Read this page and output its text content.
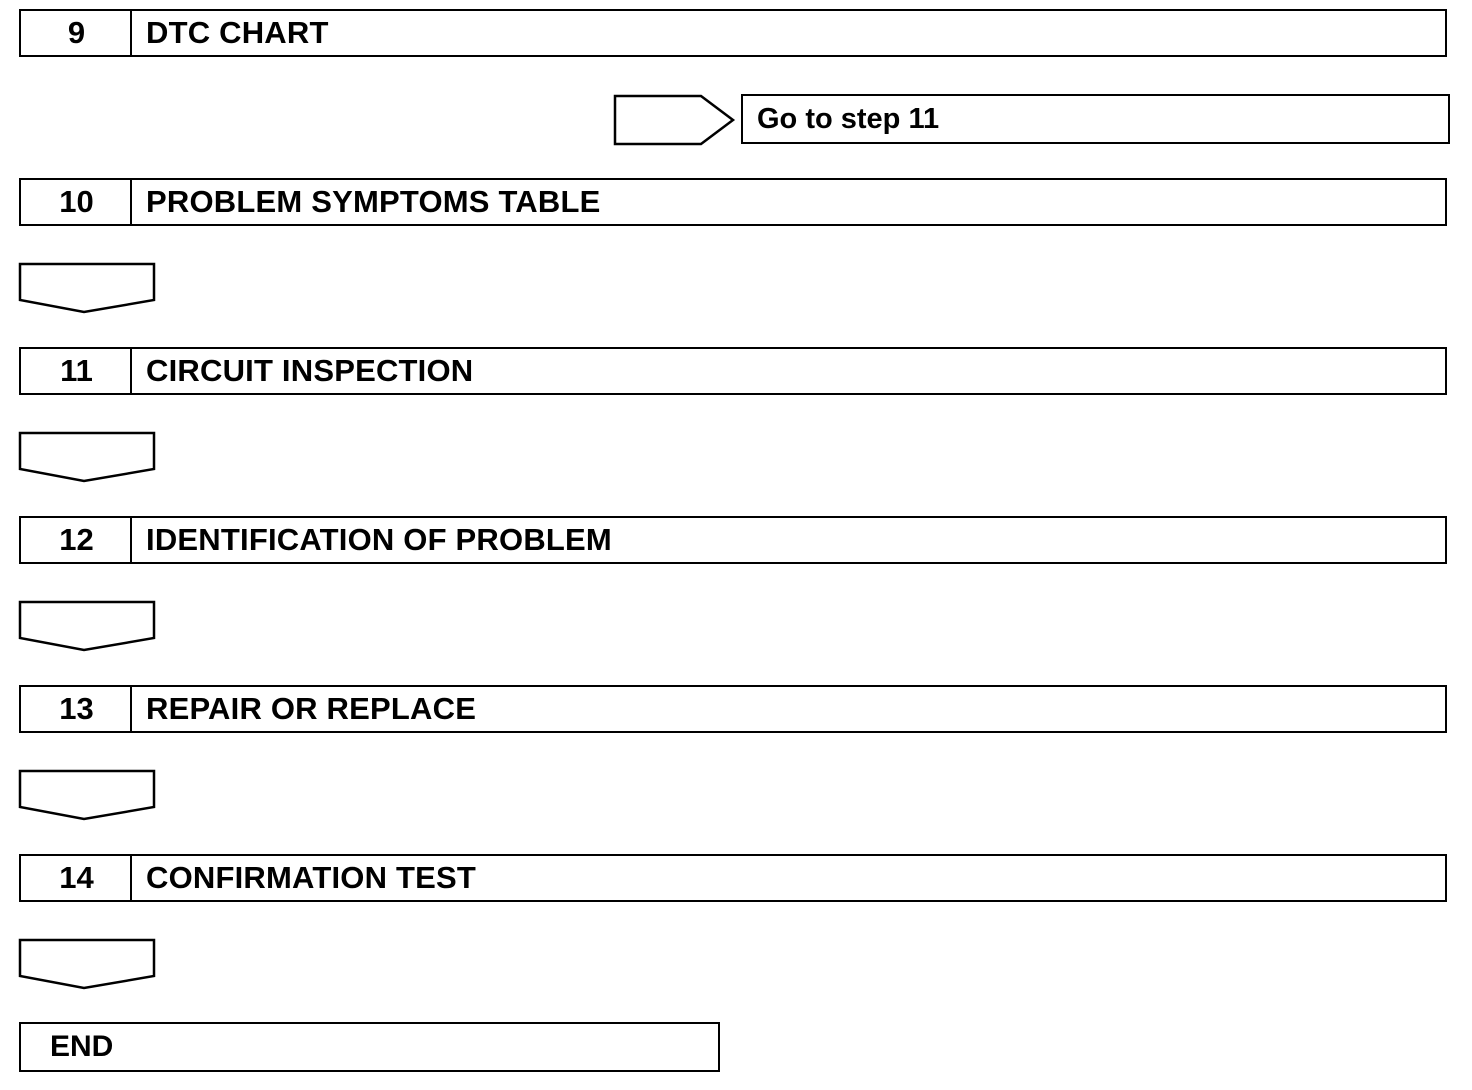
9	DTC CHART
Go to step 11
10	PROBLEM SYMPTOMS TABLE
11	CIRCUIT INSPECTION
12	IDENTIFICATION OF PROBLEM
13	REPAIR OR REPLACE
14	CONFIRMATION TEST
END
